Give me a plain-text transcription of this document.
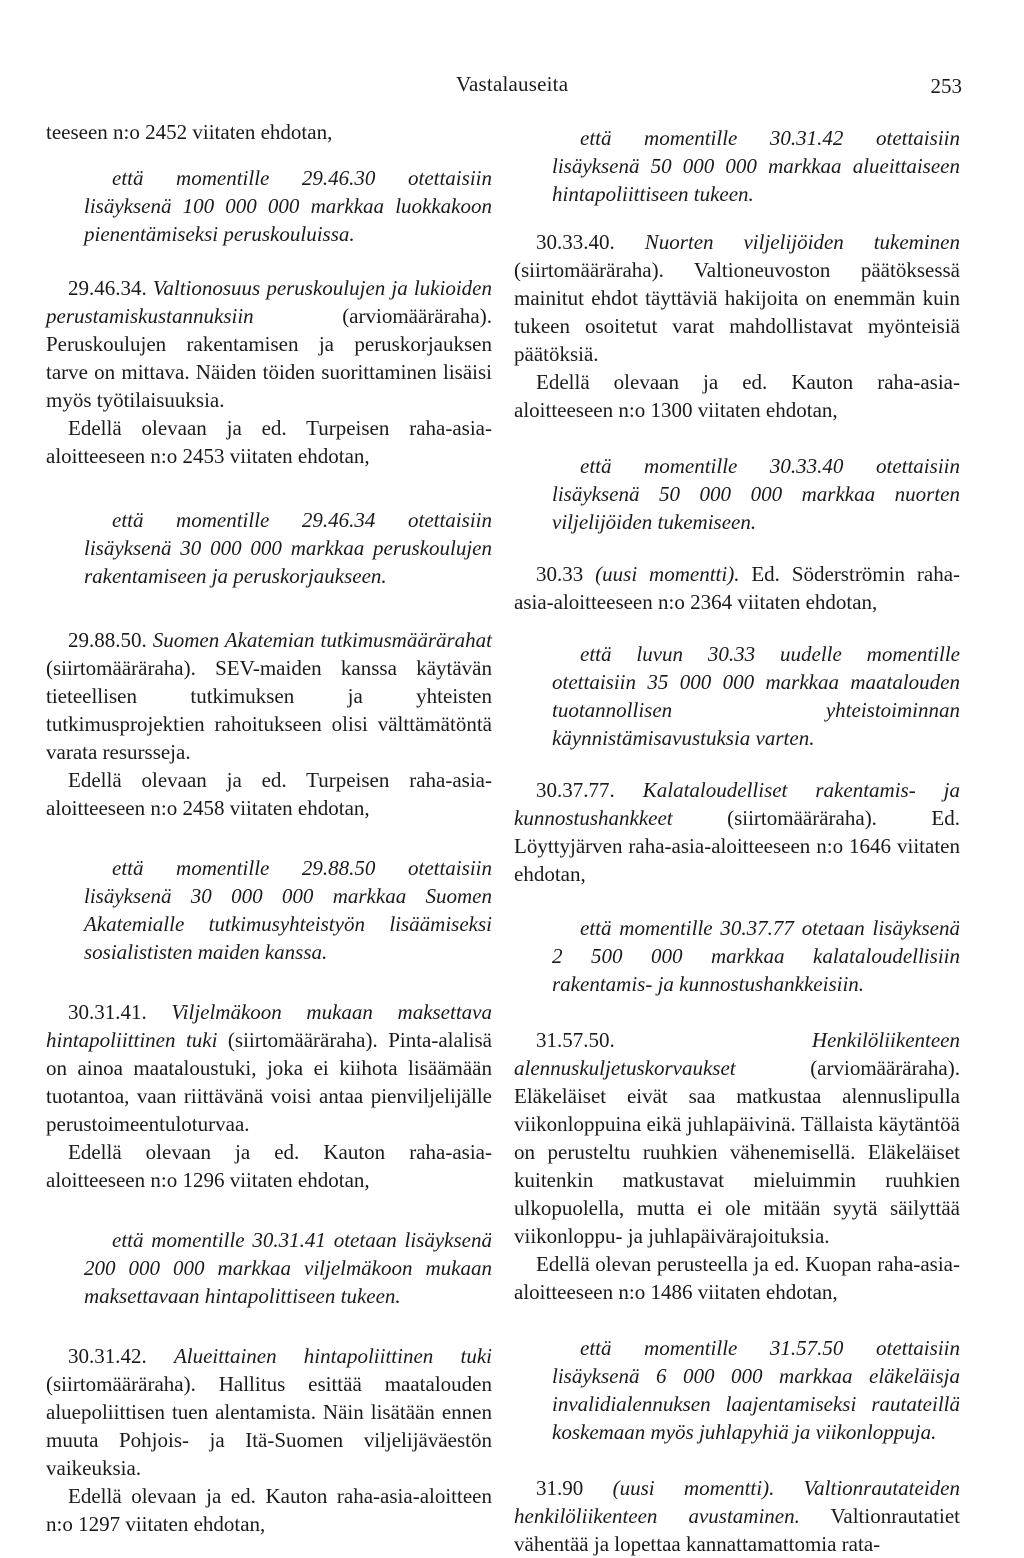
Vastalauseita	253

teeseen n:o 2452 viitaten ehdotan,

että momentille 29.46.30 otettaisiin lisäyksenä 100 000 000 markkaa luokkakoon pienentämiseksi peruskouluissa.

29.46.34. Valtionosuus peruskoulujen ja lukioiden perustamiskustannuksiin (arviomääräraha). Peruskoulujen rakentamisen ja peruskorjauksen tarve on mittava. Näiden töiden suorittaminen lisäisi myös työtilaisuuksia.

Edellä olevaan ja ed. Turpeisen raha-asia-aloitteeseen n:o 2453 viitaten ehdotan,

että momentille 29.46.34 otettaisiin lisäyksenä 30 000 000 markkaa peruskoulujen rakentamiseen ja peruskorjaukseen.

29.88.50. Suomen Akatemian tutkimusmäärärahat (siirtomääräraha). SEV-maiden kanssa käytävän tieteellisen tutkimuksen ja yhteisten tutkimusprojektien rahoitukseen olisi välttämätöntä varata resursseja.

Edellä olevaan ja ed. Turpeisen raha-asia-aloitteeseen n:o 2458 viitaten ehdotan,

että momentille 29.88.50 otettaisiin lisäyksenä 30 000 000 markkaa Suomen Akatemialle tutkimusyhteistyön lisäämiseksi sosialististen maiden kanssa.

30.31.41. Viljelmäkoon mukaan maksettava hintapoliittinen tuki (siirtomääräraha). Pinta-alalisä on ainoa maataloustuki, joka ei kiihota lisäämään tuotantoa, vaan riittävänä voisi antaa pienviljelijälle perustoimeentuloturvaa.

Edellä olevaan ja ed. Kauton raha-asia-aloitteeseen n:o 1296 viitaten ehdotan,

että momentille 30.31.41 otetaan lisäyksenä 200 000 000 markkaa viljelmäkoon mukaan maksettavaan hintapolittiseen tukeen.

30.31.42. Alueittainen hintapoliittinen tuki (siirtomääräraha). Hallitus esittää maatalouden aluepoliittisen tuen alentamista. Näin lisätään ennen muuta Pohjois- ja Itä-Suomen viljelijäväestön vaikeuksia.

Edellä olevaan ja ed. Kauton raha-asia-aloitteen n:o 1297 viitaten ehdotan,

että momentille 30.31.42 otettaisiin lisäyksenä 50 000 000 markkaa alueittaiseen hintapoliittiseen tukeen.

30.33.40. Nuorten viljelijöiden tukeminen (siirtomääräraha). Valtioneuvoston päätöksessä mainitut ehdot täyttäviä hakijoita on enemmän kuin tukeen osoitetut varat mahdollistavat myönteisiä päätöksiä.

Edellä olevaan ja ed. Kauton raha-asia-aloitteeseen n:o 1300 viitaten ehdotan,

että momentille 30.33.40 otettaisiin lisäyksenä 50 000 000 markkaa nuorten viljelijöiden tukemiseen.

30.33 (uusi momentti). Ed. Söderströmin raha-asia-aloitteeseen n:o 2364 viitaten ehdotan,

että luvun 30.33 uudelle momentille otettaisiin 35 000 000 markkaa maatalouden tuotannollisen yhteistoiminnan käynnistämisavustuksia varten.

30.37.77. Kalataloudelliset rakentamis- ja kunnostushankkeet (siirtomääräraha). Ed. Löyttyjärven raha-asia-aloitteeseen n:o 1646 viitaten ehdotan,

että momentille 30.37.77 otetaan lisäyksenä 2 500 000 markkaa kalataloudellisiin rakentamis- ja kunnostushankkeisiin.

31.57.50. Henkilöliikenteen alennuskuljetuskorvaukset (arviomääräraha). Eläkeläiset eivät saa matkustaa alennuslipulla viikonloppuina eikä juhlapäivinä. Tällaista käytäntöä on perusteltu ruuhkien vähenemisellä. Eläkeläiset kuitenkin matkustavat mieluimmin ruuhkien ulkopuolella, mutta ei ole mitään syytä säilyttää viikonloppu- ja juhlapäivärajoituksia.

Edellä olevan perusteella ja ed. Kuopan raha-asia-aloitteeseen n:o 1486 viitaten ehdotan,

että momentille 31.57.50 otettaisiin lisäyksenä 6 000 000 markkaa eläkeläisja invalidialennuksen laajentamiseksi rautateillä koskemaan myös juhlapyhiä ja viikonloppuja.

31.90 (uusi momentti). Valtionrautateiden henkilöliikenteen avustaminen. Valtionrautatiet vähentää ja lopettaa kannattamattomia rata-
